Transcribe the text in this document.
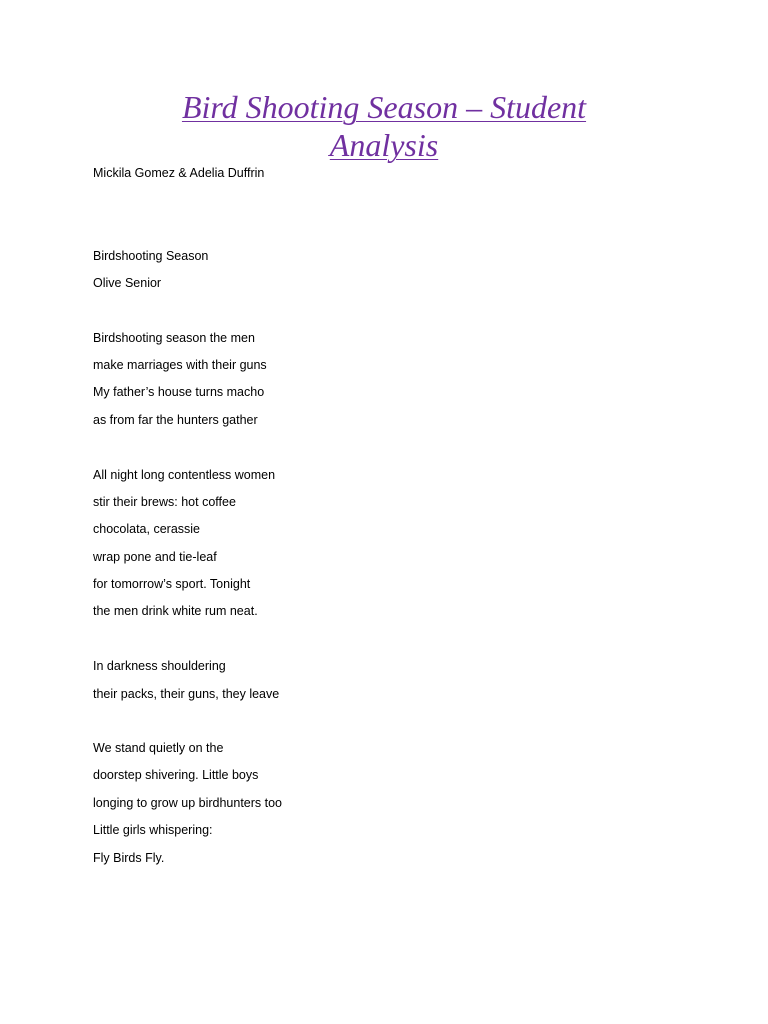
Bird Shooting Season – Student
Analysis
Mickila Gomez & Adelia Duffrin
Birdshooting Season
Olive Senior
Birdshooting season the men
make marriages with their guns
My father’s house turns macho
as from far the hunters gather
All night long contentless women
stir their brews: hot coffee
chocolata, cerassie
wrap pone and tie-leaf
for tomorrow’s sport. Tonight
the men drink white rum neat.
In darkness shouldering
their packs, their guns, they leave
We stand quietly on the
doorstep shivering. Little boys
longing to grow up birdhunters too
Little girls whispering:
Fly Birds Fly.
